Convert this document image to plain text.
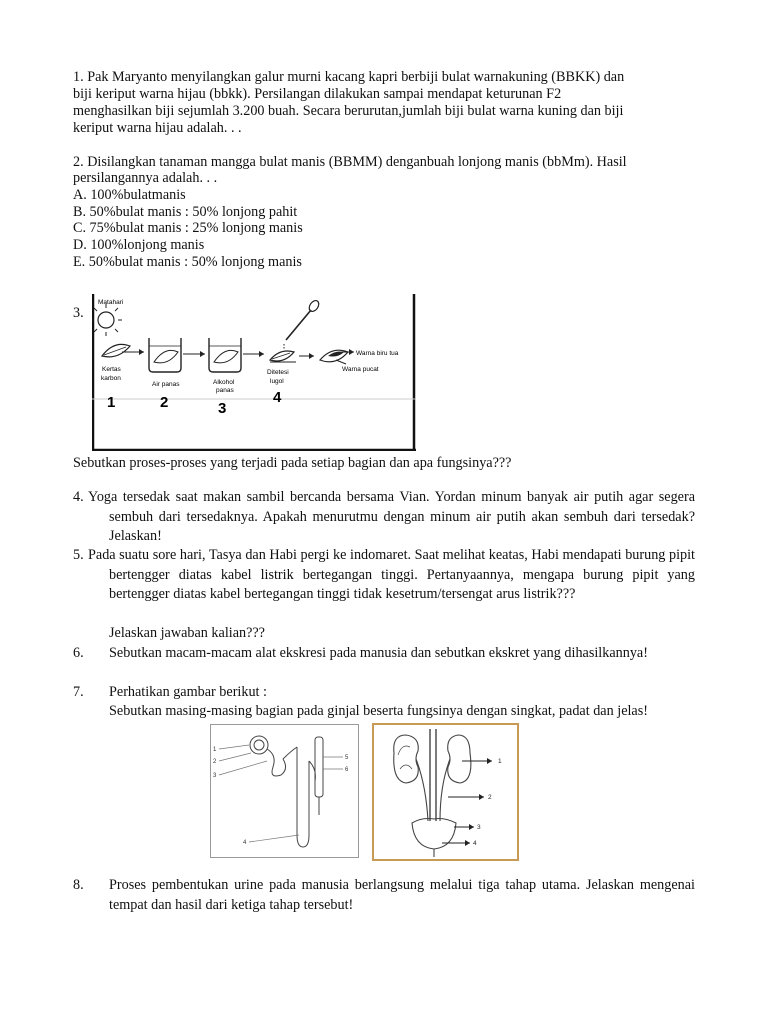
1. Pak Maryanto menyilangkan galur murni kacang kapri berbiji bulat warnakuning (BBKK) dan
biji keriput warna hijau (bbkk). Persilangan dilakukan sampai mendapat keturunan F2
menghasilkan biji sejumlah 3.200 buah. Secara berurutan,jumlah biji bulat warna kuning dan biji
keriput warna hijau adalah. . .
2. Disilangkan tanaman mangga bulat manis (BBMM) denganbuah lonjong manis (bbMm). Hasil
persilangannya adalah. . .
A. 100%bulatmanis
B. 50%bulat manis : 50% lonjong pahit
C. 75%bulat manis : 25% lonjong manis
D. 100%lonjong manis
E. 50%bulat manis : 50% lonjong manis
3.
Matahari
Kertas
karbon
Air panas	Alkohol
panas
Ditetesi
lugol
Warna biru tua
Warna pucat
1	2	3
4
Sebutkan proses-proses yang terjadi pada setiap bagian dan apa fungsinya???
4. Yoga tersedak saat makan sambil bercanda bersama Vian. Yordan minum banyak air putih agar segera sembuh dari tersedaknya. Apakah menurutmu dengan minum air putih akan sembuh dari tersedak? Jelaskan!
5. Pada suatu sore hari, Tasya dan Habi pergi ke indomaret. Saat melihat keatas, Habi mendapati burung pipit bertengger diatas kabel listrik bertegangan tinggi. Pertanyaannya, mengapa burung pipit yang bertengger diatas kabel bertegangan tinggi tidak kesetrum/tersengat arus listrik???
Jelaskan jawaban kalian???
6. Sebutkan macam-macam alat ekskresi pada manusia dan sebutkan ekskret yang dihasilkannya!
7. Perhatikan gambar berikut :
Sebutkan masing-masing bagian pada ginjal beserta fungsinya dengan singkat, padat dan jelas!
1
2
3
4
5
6
1
2
3
4
8. Proses pembentukan urine pada manusia berlangsung melalui tiga tahap utama. Jelaskan mengenai tempat dan hasil dari ketiga tahap tersebut!
